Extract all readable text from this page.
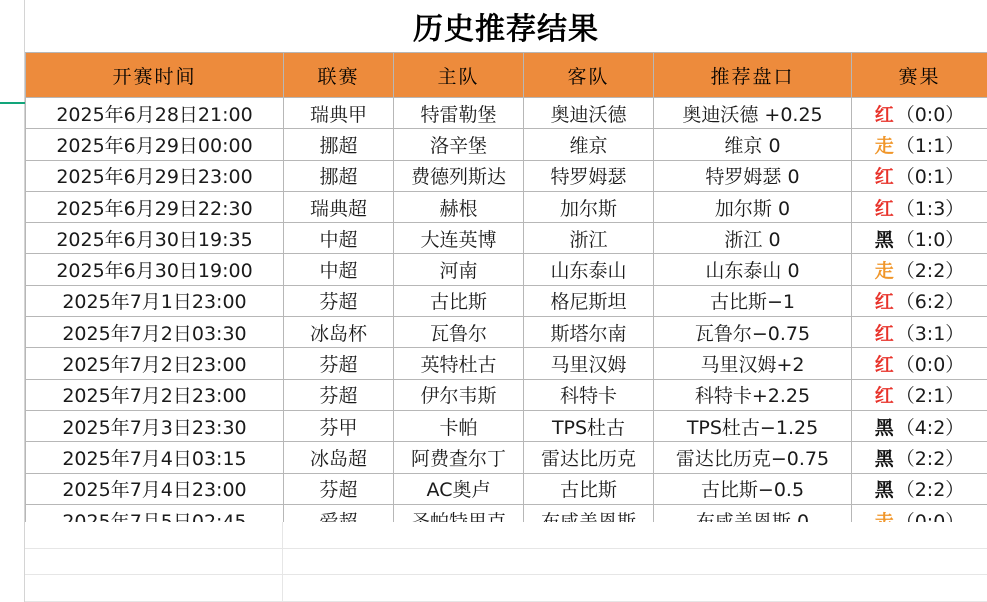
历史推荐结果
开赛时间	联赛	主队	客队	推荐盘口	赛果
2025年6月28日21:00	瑞典甲	特雷勒堡	奥迪沃德	奥迪沃德 +0.25	红 （0:0）

2025年6月29日00:00	挪超	洛辛堡	维京	维京 0	走 （1:1）

2025年6月29日23:00	挪超	费德列斯达	特罗姆瑟	特罗姆瑟 0	红 （0:1）

2025年6月29日22:30	瑞典超	赫根	加尔斯	加尔斯 0	红 （1:3）

2025年6月30日19:35	中超	大连英博	浙江	浙江 0	黑 （1:0）

2025年6月30日19:00	中超	河南	山东泰山	山东泰山 0	走 （2:2）

2025年7月1日23:00	芬超	古比斯	格尼斯坦	古比斯−1	红 （6:2）

2025年7月2日03:30	冰岛杯	瓦鲁尔	斯塔尔南	瓦鲁尔−0.75	红 （3:1）

2025年7月2日23:00	芬超	英特杜古	马里汉姆	马里汉姆+2	红 （0:0）

2025年7月2日23:00	芬超	伊尔韦斯	科特卡	科特卡+2.25	红 （2:1）

2025年7月3日23:30	芬甲	卡帕	TPS杜古	TPS杜古−1.25	黑 （4:2）

2025年7月4日03:15	冰岛超	阿费查尔丁	雷达比历克	雷达比历克−0.75	黑 （2:2）

2025年7月4日23:00	芬超	AC奥卢	古比斯	古比斯−0.5	黑 （2:2）
